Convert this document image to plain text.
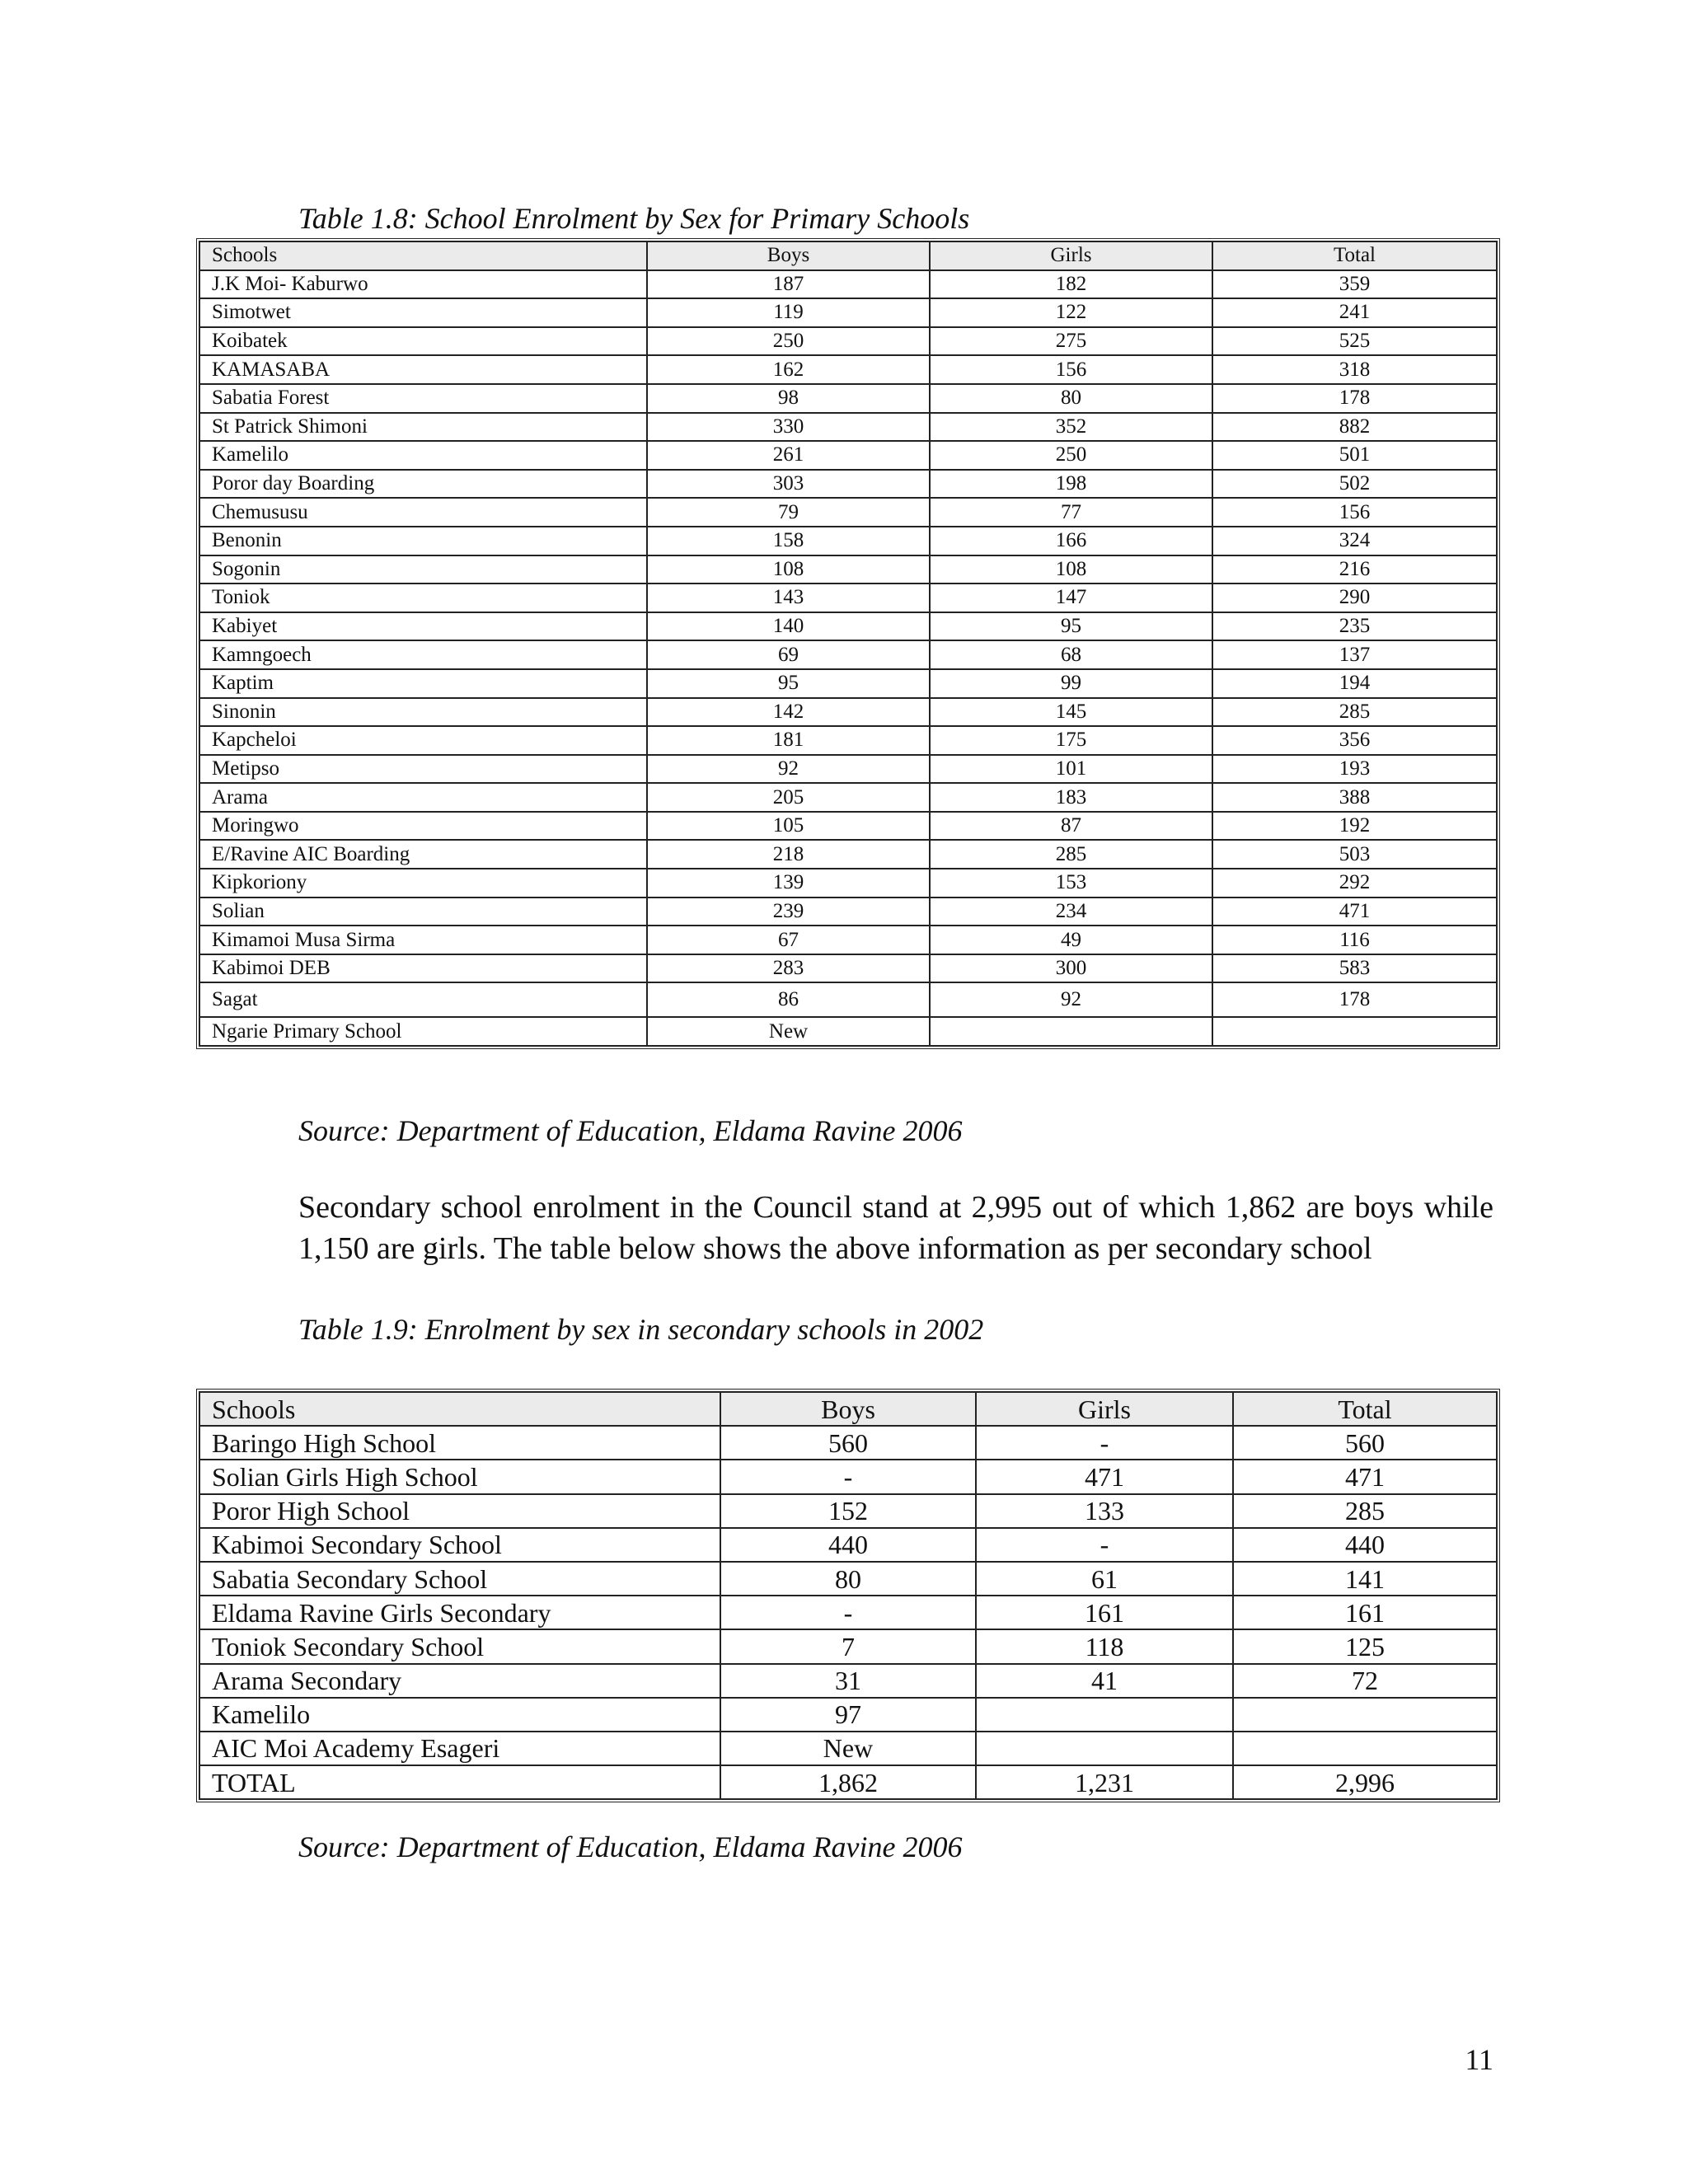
Table 1.8: School Enrolment by Sex for Primary Schools
Schools	Boys	Girls	Total
J.K Moi- Kaburwo	187	182	359
Simotwet	119	122	241
Koibatek	250	275	525
KAMASABA	162	156	318
Sabatia Forest	98	80	178
St Patrick Shimoni	330	352	882
Kamelilo	261	250	501
Poror day Boarding	303	198	502
Chemususu	79	77	156
Benonin	158	166	324
Sogonin	108	108	216
Toniok	143	147	290
Kabiyet	140	95	235
Kamngoech	69	68	137
Kaptim	95	99	194
Sinonin	142	145	285
Kapcheloi	181	175	356
Metipso	92	101	193
Arama	205	183	388
Moringwo	105	87	192
E/Ravine AIC Boarding	218	285	503
Kipkoriony	139	153	292
Solian	239	234	471
Kimamoi Musa Sirma	67	49	116
Kabimoi DEB	283	300	583
Sagat	86	92	178
Ngarie Primary School	New		
Source: Department of Education, Eldama Ravine 2006
Secondary school enrolment in the Council stand at 2,995 out of which 1,862 are boys while 1,150 are girls. The table below shows the above information as per secondary school
Table 1.9: Enrolment by sex in secondary schools in 2002
Schools	Boys	Girls	Total
Baringo High School	560	-	560
Solian Girls High School	-	471	471
Poror High School	152	133	285
Kabimoi Secondary School	440	-	440
Sabatia Secondary School	80	61	141
Eldama Ravine Girls Secondary	-	161	161
Toniok Secondary School	7	118	125
Arama Secondary	31	41	72
Kamelilo	97		
AIC Moi Academy Esageri	New		
TOTAL	1,862	1,231	2,996
Source: Department of Education, Eldama Ravine 2006
11
